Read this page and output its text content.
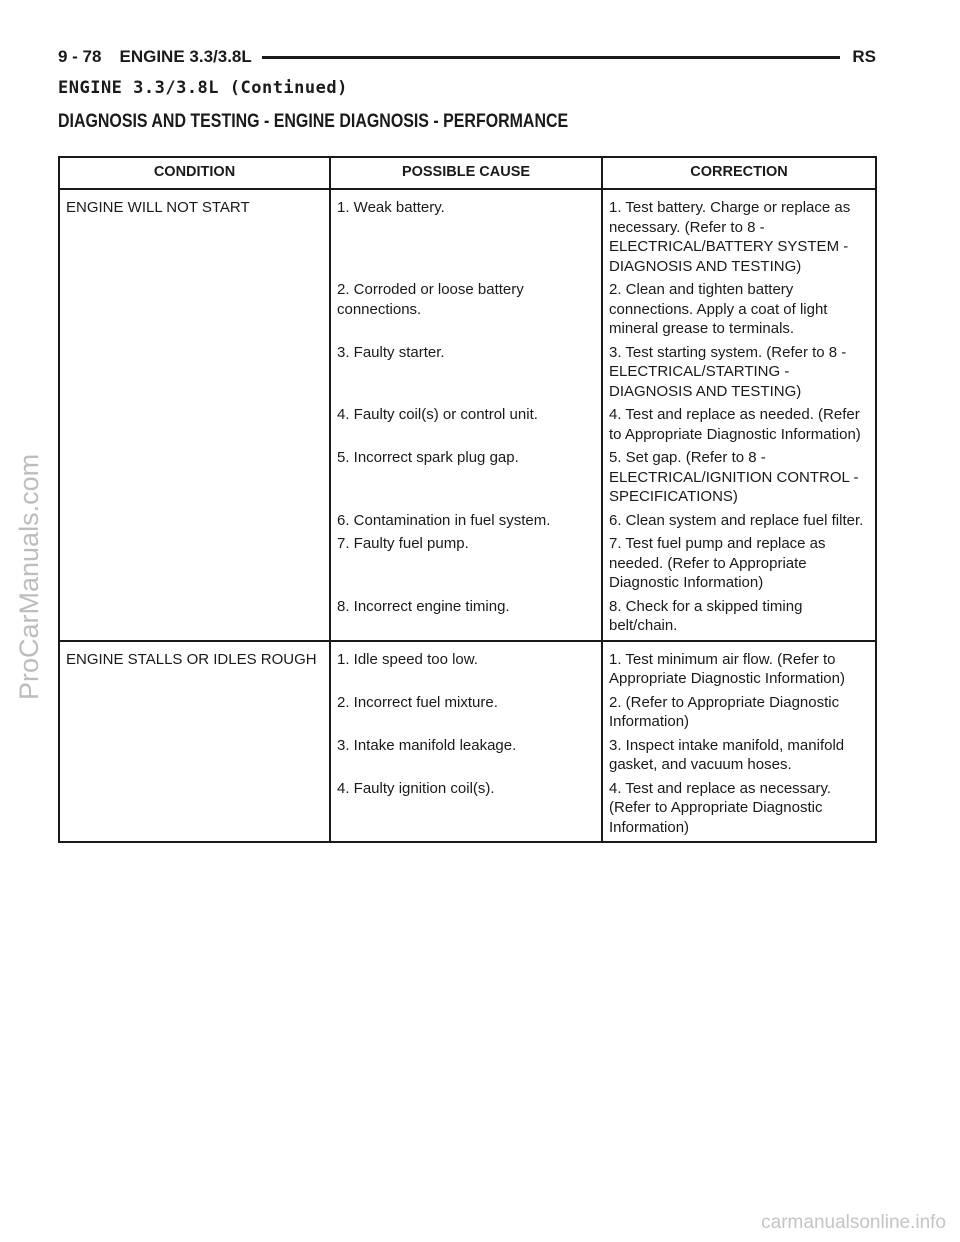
9 - 78 ENGINE 3.3/3.8L	RS
ENGINE 3.3/3.8L (Continued)
DIAGNOSIS AND TESTING - ENGINE DIAGNOSIS - PERFORMANCE
CONDITION	POSSIBLE CAUSE	CORRECTION
ENGINE WILL NOT START	1. Weak battery.	1. Test battery. Charge or replace as necessary. (Refer to 8 - ELECTRICAL/BATTERY SYSTEM - DIAGNOSIS AND TESTING)
	2. Corroded or loose battery connections.	2. Clean and tighten battery connections. Apply a coat of light mineral grease to terminals.
	3. Faulty starter.	3. Test starting system. (Refer to 8 - ELECTRICAL/STARTING - DIAGNOSIS AND TESTING)
	4. Faulty coil(s) or control unit.	4. Test and replace as needed. (Refer to Appropriate Diagnostic Information)
	5. Incorrect spark plug gap.	5. Set gap. (Refer to 8 - ELECTRICAL/IGNITION CONTROL - SPECIFICATIONS)
	6. Contamination in fuel system.	6. Clean system and replace fuel filter.
	7. Faulty fuel pump.	7. Test fuel pump and replace as needed. (Refer to Appropriate Diagnostic Information)
	8. Incorrect engine timing.	8. Check for a skipped timing belt/chain.
ENGINE STALLS OR IDLES ROUGH	1. Idle speed too low.	1. Test minimum air flow. (Refer to Appropriate Diagnostic Information)
	2. Incorrect fuel mixture.	2. (Refer to Appropriate Diagnostic Information)
	3. Intake manifold leakage.	3. Inspect intake manifold, manifold gasket, and vacuum hoses.
	4. Faulty ignition coil(s).	4. Test and replace as necessary. (Refer to Appropriate Diagnostic Information)
ProCarManuals.com
carmanualsonline.info
